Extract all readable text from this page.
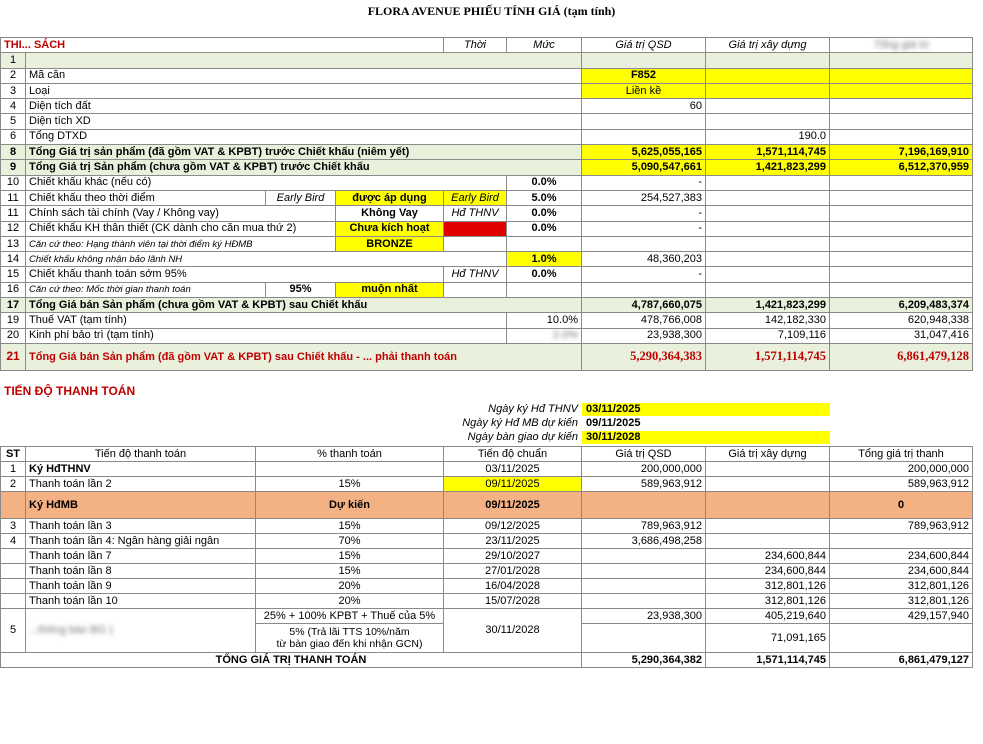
FLORA AVENUE PHIẾU TÍNH GIÁ (tạm tính)
THI... SÁCH				Thời	Mức	Giá trị QSD	Giá trị xây dựng	Tổng giá trị
1								
2	Mã căn					F852		
3	Loại					Liền kề		
4	Diện tích đất					60		
5	Diện tích XD							
6	Tổng DTXD						190.0	
8	Tổng Giá trị sản phẩm (đã gồm VAT & KPBT) trước Chiết khấu (niêm yết)					5,625,055,165	1,571,114,745	7,196,169,910
9	Tổng Giá trị Sản phẩm (chưa gồm VAT & KPBT) trước Chiết khấu					5,090,547,661	1,421,823,299	6,512,370,959
10	Chiết khấu khác (nếu có)				0.0%	-		
11	Chiết khấu theo thời điểm	Early Bird	được áp dụng	Early Bird	5.0%	254,527,383		
11	Chính sách tài chính (Vay / Không vay)		Không Vay	Hđ THNV	0.0%	-		
12	Chiết khấu KH thân thiết (CK dành cho căn mua thứ 2)		Chưa kích hoạt		0.0%	-		
13	Căn cứ theo: Hạng thành viên tại thời điểm ký HĐMB		BRONZE					
14	Chiết khấu không nhận bảo lãnh NH				1.0%	48,360,203		
15	Chiết khấu thanh toán sớm 95%			Hđ THNV	0.0%	-		
16	Căn cứ theo: Mốc thời gian thanh toán	95%	muộn nhất					
17	Tổng Giá bán Sản phẩm (chưa gồm VAT & KPBT) sau Chiết khấu					4,787,660,075	1,421,823,299	6,209,483,374
19	Thuế VAT (tạm tính)				10.0%	478,766,008	142,182,330	620,948,338
20	Kinh phí bảo trì (tạm tính)				2.0%	23,938,300	7,109,116	31,047,416
21	Tổng Giá bán Sản phẩm (đã gồm VAT & KPBT) sau Chiết khấu - ... phải thanh toán					5,290,364,383	1,571,114,745	6,861,479,128
TIẾN ĐỘ THANH TOÁN
Ngày ký Hđ THNV 03/11/2025
Ngày ký Hđ MB dự kiến 09/11/2025
Ngày bàn giao dự kiến 30/11/2028
ST	Tiến độ thanh toán	% thanh toán	Tiến độ chuẩn	Giá trị QSD	Giá trị xây dựng	Tổng giá trị thanh
1	Ký HđTHNV		03/11/2025	200,000,000		200,000,000
2	Thanh toán lần 2	15%	09/11/2025	589,963,912		589,963,912
	Ký HđMB	Dự kiến	09/11/2025			0
3	Thanh toán lần 3	15%	09/12/2025	789,963,912		789,963,912
4	Thanh toán lần 4: Ngân hàng giải ngân	70%	23/11/2025	3,686,498,258		
	Thanh toán lần 7	15%	29/10/2027		234,600,844	234,600,844
	Thanh toán lần 8	15%	27/01/2028		234,600,844	234,600,844
	Thanh toán lần 9	20%	16/04/2028		312,801,126	312,801,126
	Thanh toán lần 10	20%	15/07/2028		312,801,126	312,801,126
5	...thông báo BG )	25% + 100% KPBT + Thuế của 5%	30/11/2028	23,938,300	405,219,640	429,157,940
		5% (Trả lãi TTS 10%/năm
từ bàn giao đến khi nhận GCN)			71,091,165	
TỔNG GIÁ TRỊ THANH TOÁN				5,290,364,382	1,571,114,745	6,861,479,127
